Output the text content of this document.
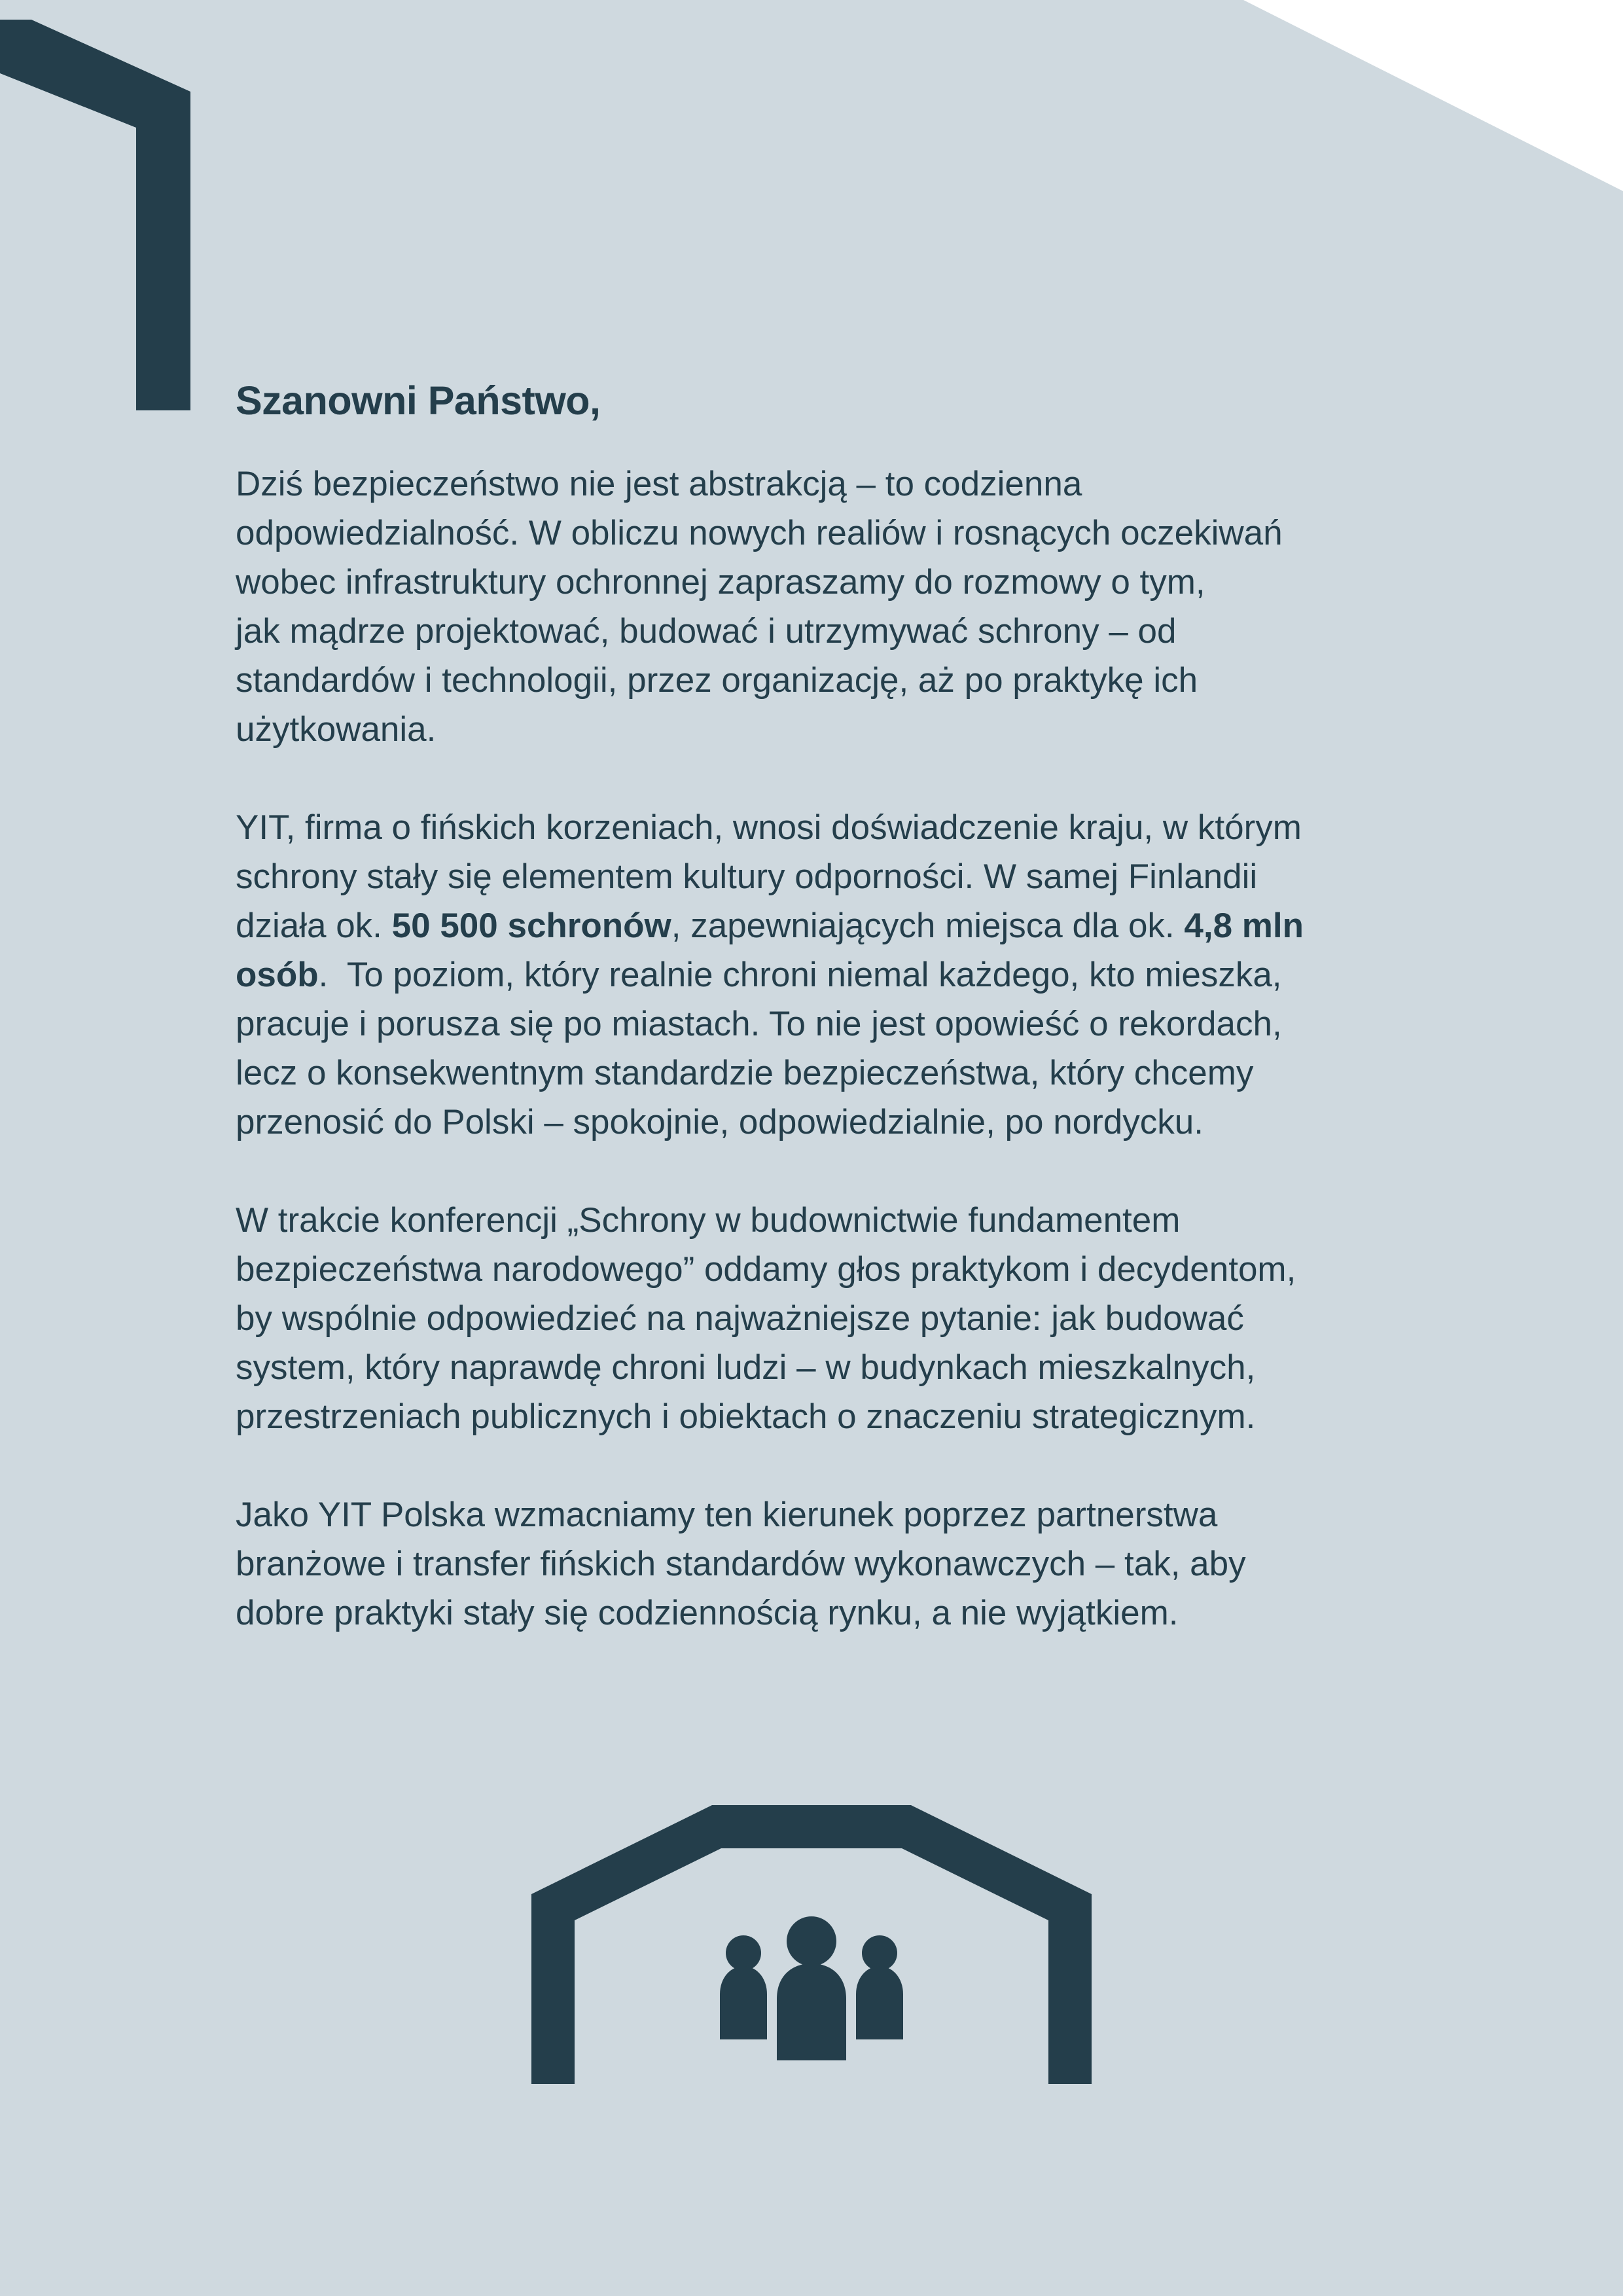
Szanowni Państwo,
Dziś bezpieczeństwo nie jest abstrakcją – to codzienna
odpowiedzialność. W obliczu nowych realiów i rosnących oczekiwań
wobec infrastruktury ochronnej zapraszamy do rozmowy o tym,
jak mądrze projektować, budować i utrzymywać schrony – od
standardów i technologii, przez organizację, aż po praktykę ich
użytkowania.
YIT, firma o fińskich korzeniach, wnosi doświadczenie kraju, w którym
schrony stały się elementem kultury odporności. W samej Finlandii
działa ok. 50 500 schronów, zapewniających miejsca dla ok. 4,8 mln
osób.  To poziom, który realnie chroni niemal każdego, kto mieszka,
pracuje i porusza się po miastach. To nie jest opowieść o rekordach,
lecz o konsekwentnym standardzie bezpieczeństwa, który chcemy
przenosić do Polski – spokojnie, odpowiedzialnie, po nordycku.
W trakcie konferencji „Schrony w budownictwie fundamentem
bezpieczeństwa narodowego” oddamy głos praktykom i decydentom,
by wspólnie odpowiedzieć na najważniejsze pytanie: jak budować
system, który naprawdę chroni ludzi – w budynkach mieszkalnych,
przestrzeniach publicznych i obiektach o znaczeniu strategicznym.
Jako YIT Polska wzmacniamy ten kierunek poprzez partnerstwa
branżowe i transfer fińskich standardów wykonawczych – tak, aby
dobre praktyki stały się codziennością rynku, a nie wyjątkiem.
